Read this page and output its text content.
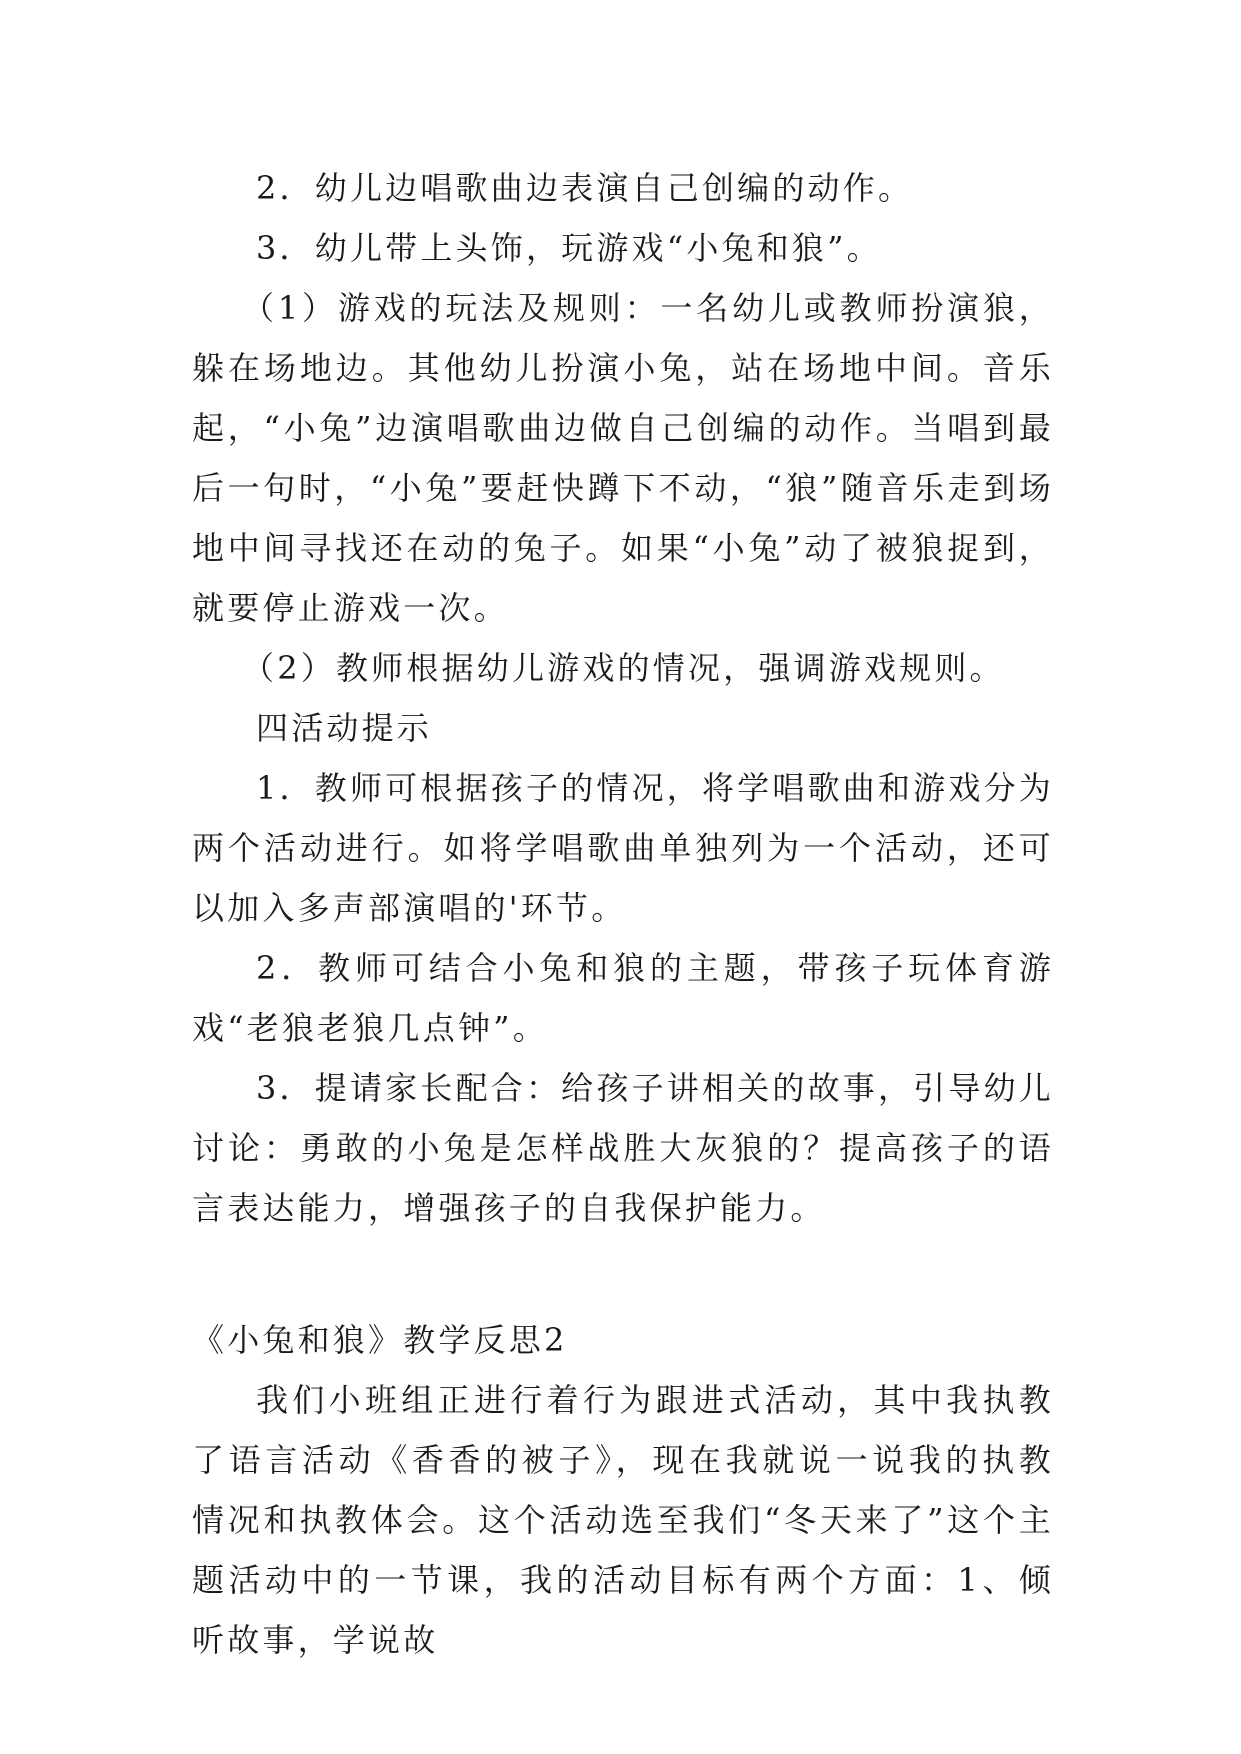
2．幼儿边唱歌曲边表演自己创编的动作。

3．幼儿带上头饰，玩游戏“小兔和狼”。

（1）游戏的玩法及规则：一名幼儿或教师扮演狼，躲在场地边。其他幼儿扮演小兔，站在场地中间。音乐起，“小兔”边演唱歌曲边做自己创编的动作。当唱到最后一句时，“小兔”要赶快蹲下不动，“狼”随音乐走到场地中间寻找还在动的兔子。如果“小兔”动了被狼捉到，就要停止游戏一次。

（2）教师根据幼儿游戏的情况，强调游戏规则。

四活动提示

1．教师可根据孩子的情况，将学唱歌曲和游戏分为两个活动进行。如将学唱歌曲单独列为一个活动，还可以加入多声部演唱的'环节。

2．教师可结合小兔和狼的主题，带孩子玩体育游戏“老狼老狼几点钟”。

3．提请家长配合：给孩子讲相关的故事，引导幼儿讨论：勇敢的小兔是怎样战胜大灰狼的？提高孩子的语言表达能力，增强孩子的自我保护能力。

《小兔和狼》教学反思2

我们小班组正进行着行为跟进式活动，其中我执教了语言活动《香香的被子》，现在我就说一说我的执教情况和执教体会。这个活动选至我们“冬天来了”这个主题活动中的一节课，我的活动目标有两个方面：1、倾听故事，学说故
